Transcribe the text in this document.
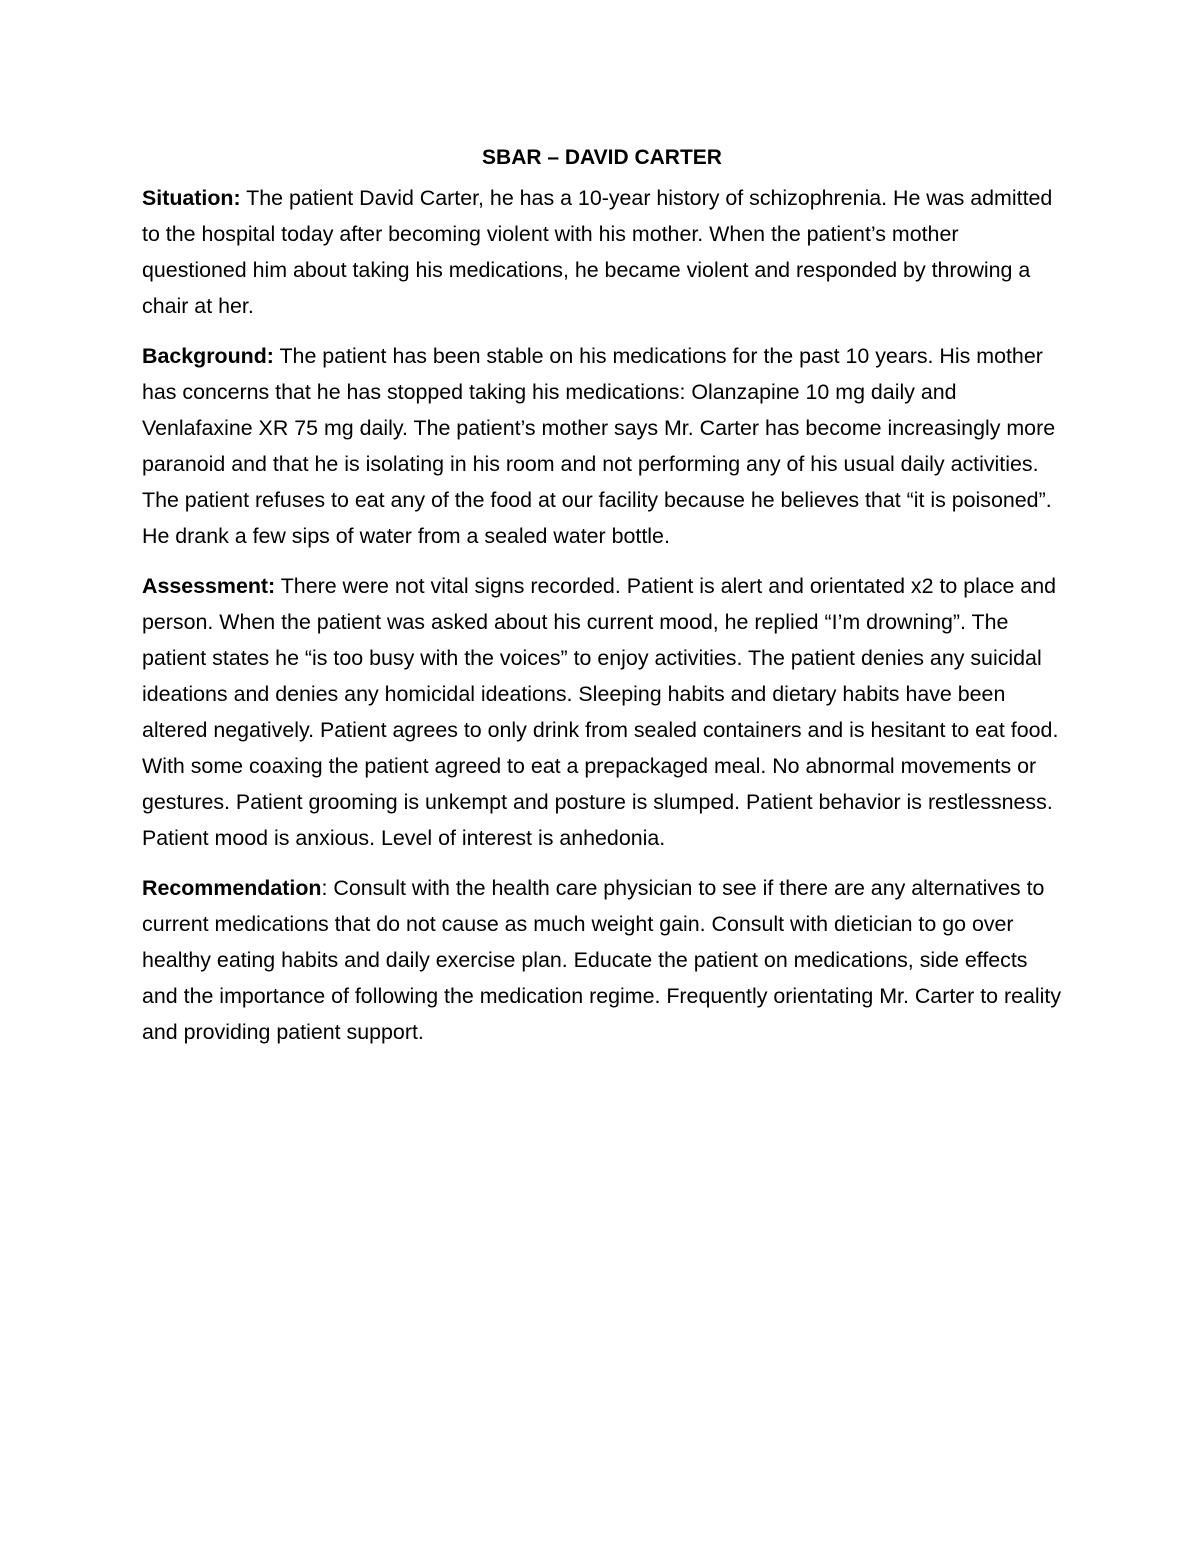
SBAR – DAVID CARTER

Situation: The patient David Carter, he has a 10-year history of schizophrenia. He was admitted to the hospital today after becoming violent with his mother. When the patient’s mother questioned him about taking his medications, he became violent and responded by throwing a chair at her.

Background: The patient has been stable on his medications for the past 10 years. His mother has concerns that he has stopped taking his medications: Olanzapine 10 mg daily and Venlafaxine XR 75 mg daily. The patient’s mother says Mr. Carter has become increasingly more paranoid and that he is isolating in his room and not performing any of his usual daily activities. The patient refuses to eat any of the food at our facility because he believes that “it is poisoned”. He drank a few sips of water from a sealed water bottle.

Assessment: There were not vital signs recorded. Patient is alert and orientated x2 to place and person. When the patient was asked about his current mood, he replied “I’m drowning”. The patient states he “is too busy with the voices” to enjoy activities. The patient denies any suicidal ideations and denies any homicidal ideations. Sleeping habits and dietary habits have been altered negatively. Patient agrees to only drink from sealed containers and is hesitant to eat food. With some coaxing the patient agreed to eat a prepackaged meal. No abnormal movements or gestures. Patient grooming is unkempt and posture is slumped. Patient behavior is restlessness. Patient mood is anxious. Level of interest is anhedonia.

Recommendation: Consult with the health care physician to see if there are any alternatives to current medications that do not cause as much weight gain. Consult with dietician to go over healthy eating habits and daily exercise plan. Educate the patient on medications, side effects and the importance of following the medication regime. Frequently orientating Mr. Carter to reality and providing patient support.
